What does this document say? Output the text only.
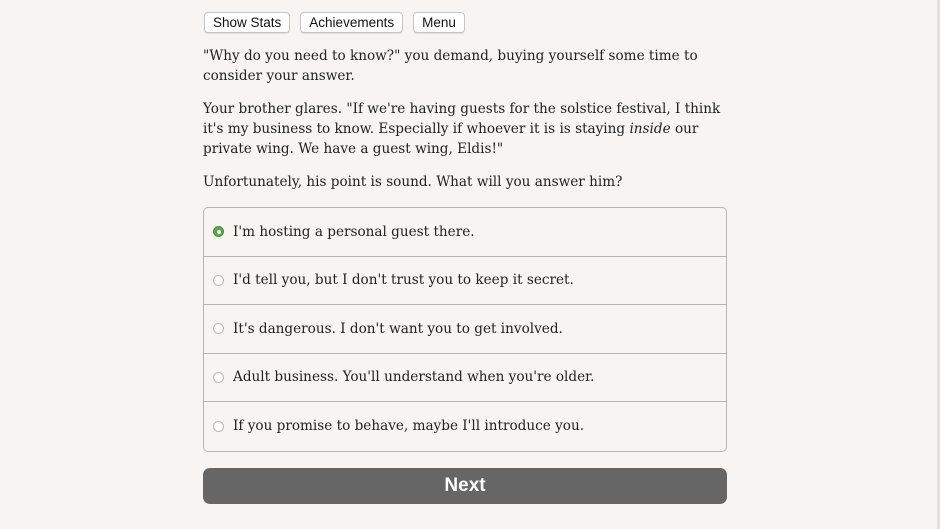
Show Stats	Achievements	Menu

"Why do you need to know?" you demand, buying yourself some time to consider your answer.

Your brother glares. "If we're having guests for the solstice festival, I think it's my business to know. Especially if whoever it is is staying inside our private wing. We have a guest wing, Eldis!"

Unfortunately, his point is sound. What will you answer him?

I'm hosting a personal guest there.
I'd tell you, but I don't trust you to keep it secret.
It's dangerous. I don't want you to get involved.
Adult business. You'll understand when you're older.
If you promise to behave, maybe I'll introduce you.
Next
